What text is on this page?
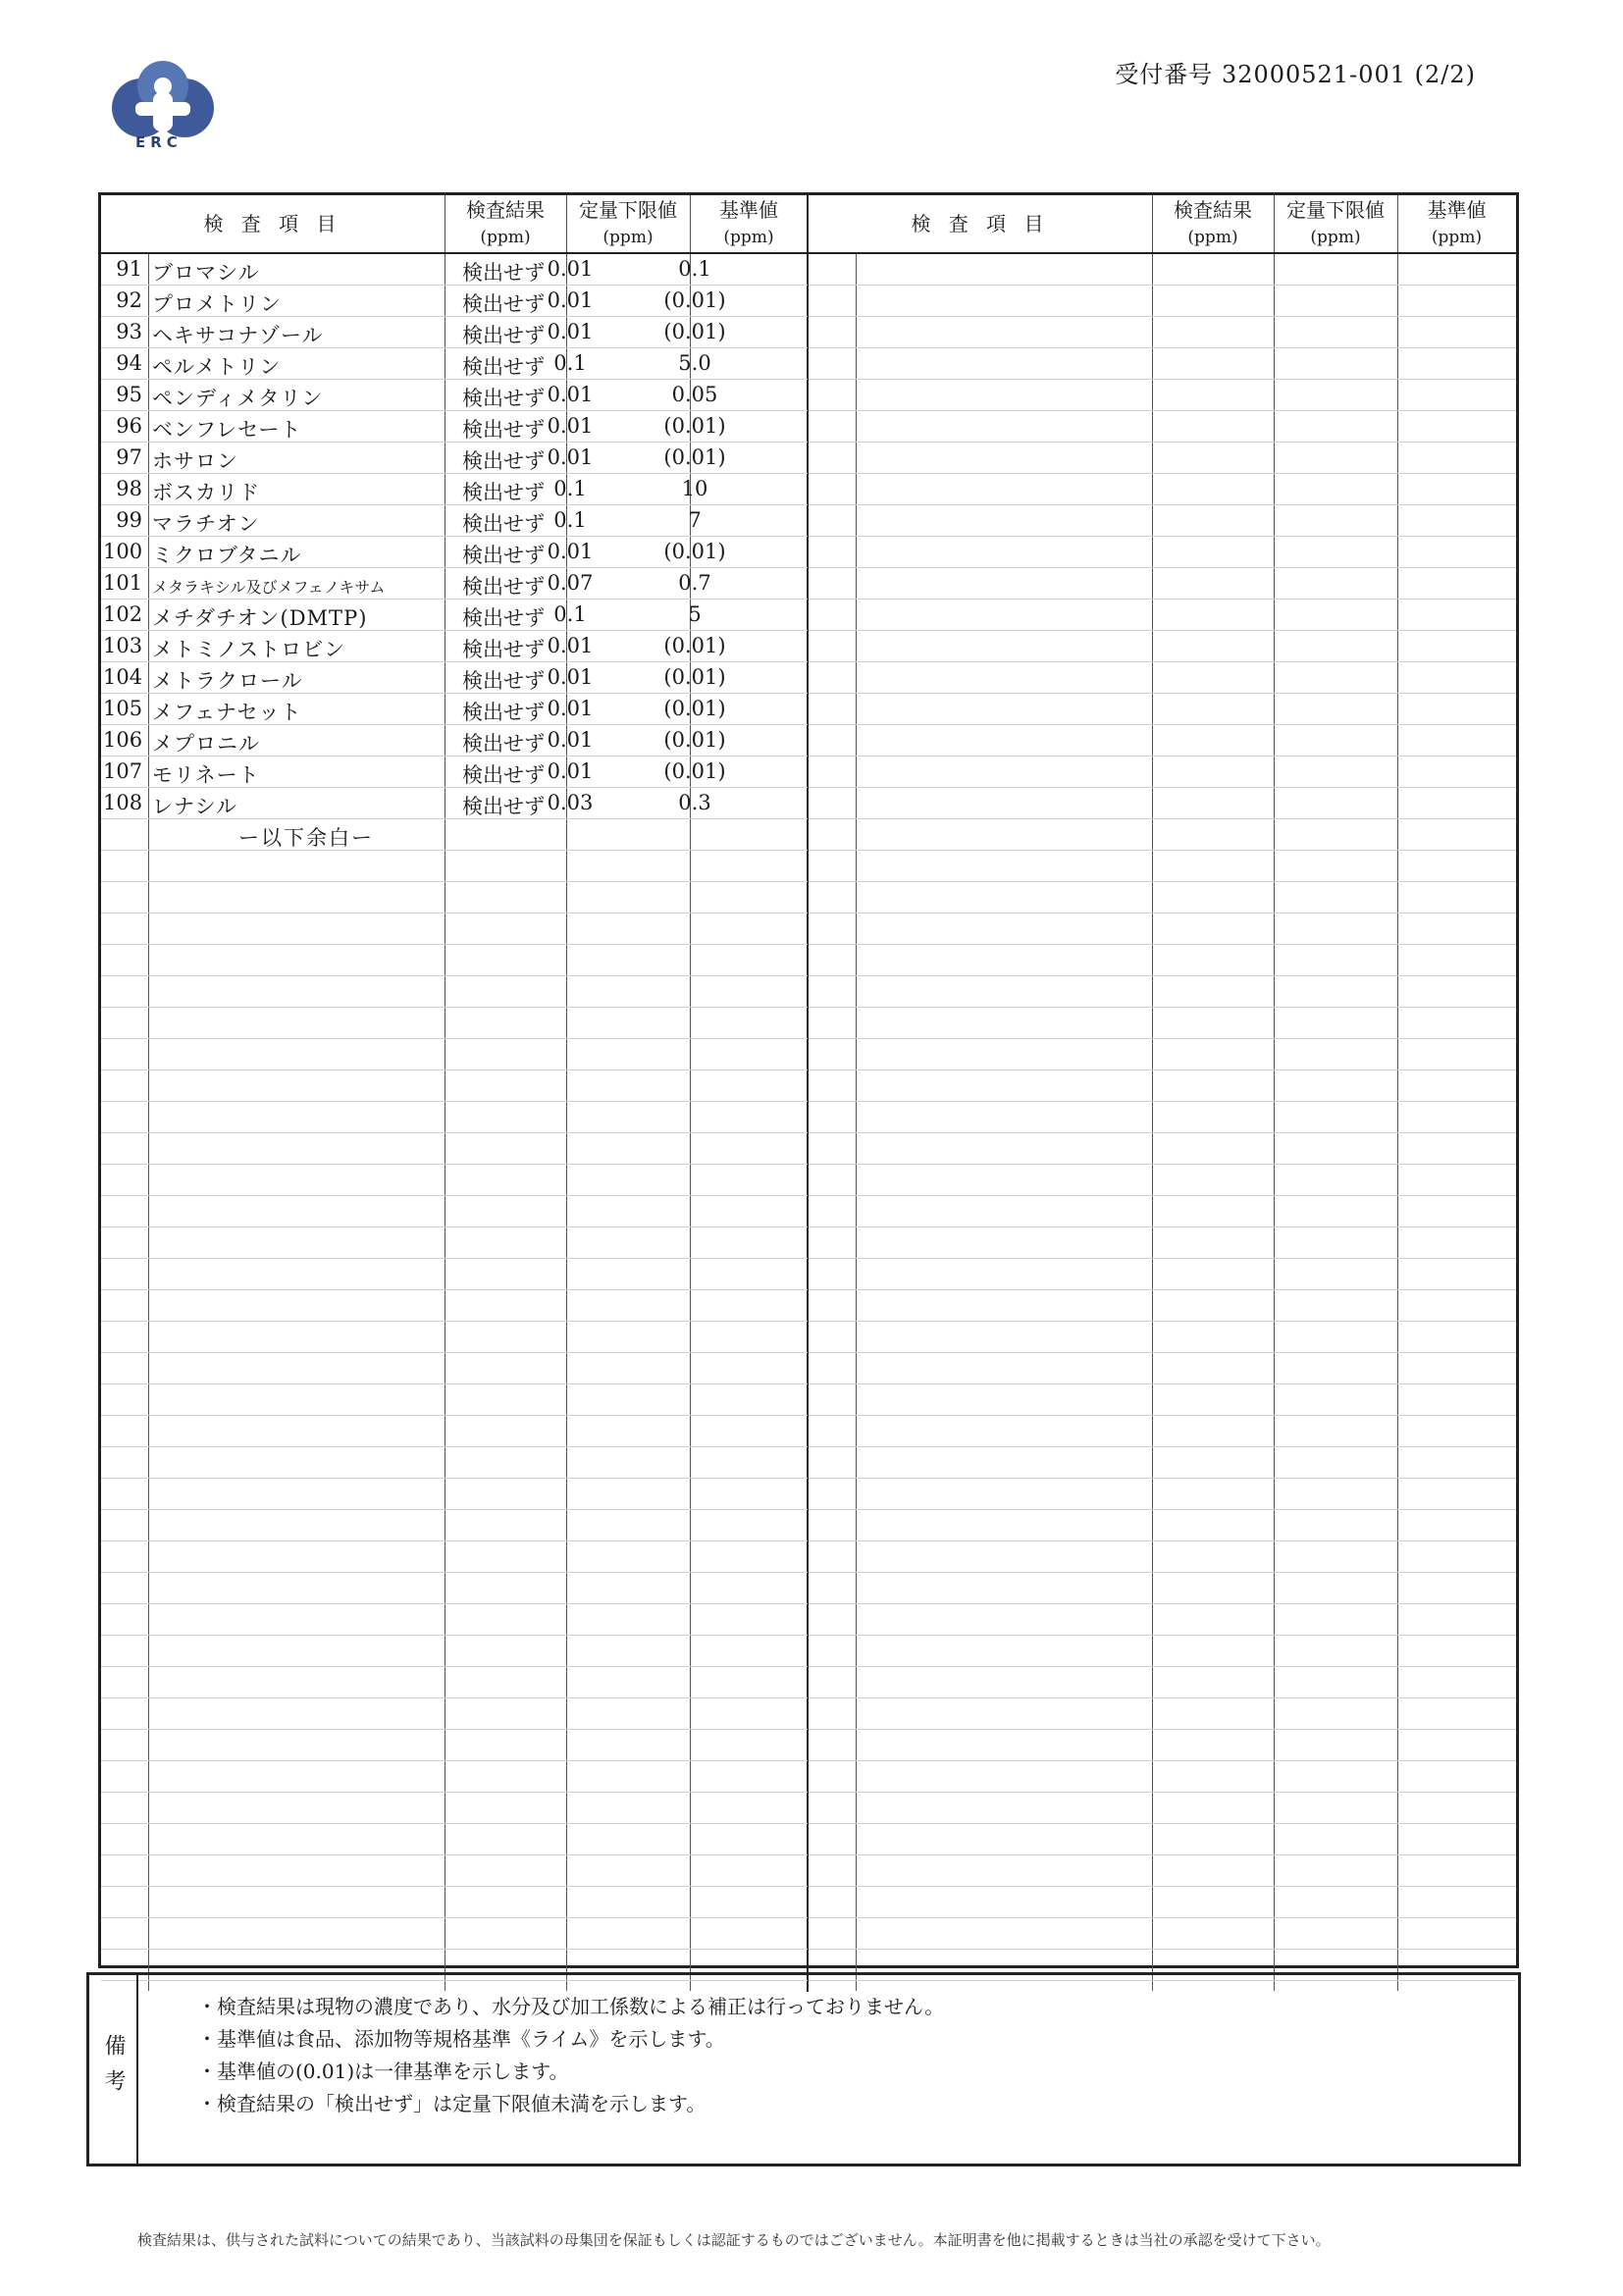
ERC
受付番号 32000521-001 (2/2)
検 査 項 目
検査結果
(ppm)
定量下限値
(ppm)
基準値
(ppm)
91 ブロマシル	検出せず 0.01	0.1
92 プロメトリン	検出せず 0.01	(0.01)
93 ヘキサコナゾール	検出せず 0.01	(0.01)
94 ペルメトリン	検出せず 0.1	5.0
95 ペンディメタリン	検出せず 0.01	0.05
96 ベンフレセート	検出せず 0.01	(0.01)
97 ホサロン	検出せず 0.01	(0.01)
98 ボスカリド	検出せず 0.1	10
99 マラチオン	検出せず 0.1	7
100 ミクロブタニル	検出せず 0.01	(0.01)
101 メタラキシル及びメフェノキサム	検出せず 0.07	0.7
102 メチダチオン(DMTP)	検出せず 0.1	5
103 メトミノストロビン	検出せず 0.01	(0.01)
104 メトラクロール	検出せず 0.01	(0.01)
105 メフェナセット	検出せず 0.01	(0.01)
106 メプロニル	検出せず 0.01	(0.01)
107 モリネート	検出せず 0.01	(0.01)
108 レナシル	検出せず 0.03	0.3
ー以下余白ー
検 査 項 目
検査結果
(ppm)
定量下限値
(ppm)
基準値
(ppm)
備考
・検査結果は現物の濃度であり、水分及び加工係数による補正は行っておりません。
・基準値は食品、添加物等規格基準《ライム》を示します。
・基準値の(0.01)は一律基準を示します。
・検査結果の「検出せず」は定量下限値未満を示します。
検査結果は、供与された試料についての結果であり、当該試料の母集団を保証もしくは認証するものではございません。本証明書を他に掲載するときは当社の承認を受けて下さい。
